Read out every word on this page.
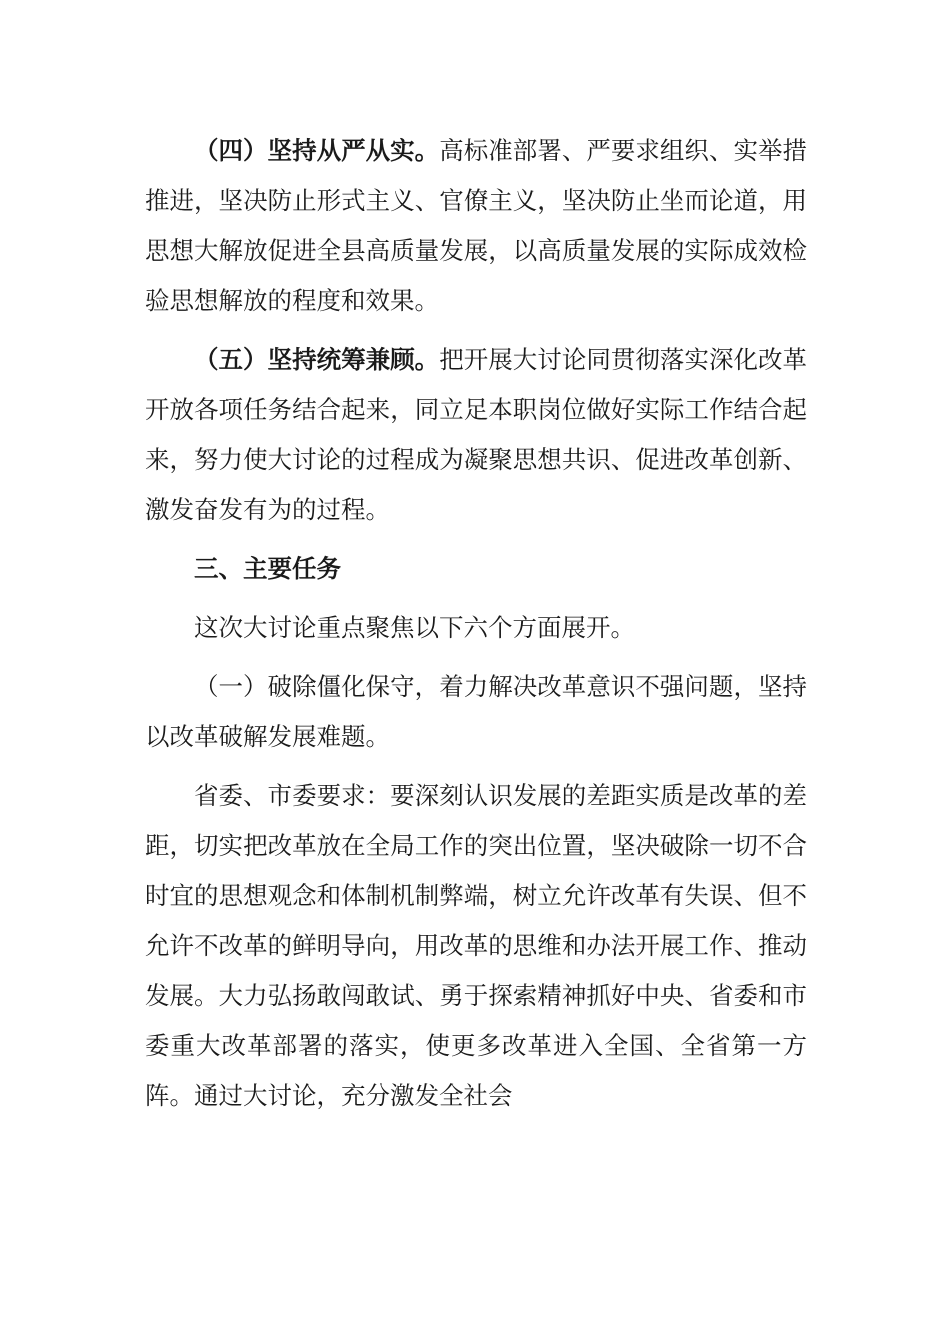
（四）坚持从严从实。高标准部署、严要求组织、实举措推进，坚决防止形式主义、官僚主义，坚决防止坐而论道，用思想大解放促进全县高质量发展，以高质量发展的实际成效检验思想解放的程度和效果。

（五）坚持统筹兼顾。把开展大讨论同贯彻落实深化改革开放各项任务结合起来，同立足本职岗位做好实际工作结合起来，努力使大讨论的过程成为凝聚思想共识、促进改革创新、激发奋发有为的过程。

三、主要任务

这次大讨论重点聚焦以下六个方面展开。

（一）破除僵化保守，着力解决改革意识不强问题，坚持以改革破解发展难题。

省委、市委要求：要深刻认识发展的差距实质是改革的差距，切实把改革放在全局工作的突出位置，坚决破除一切不合时宜的思想观念和体制机制弊端，树立允许改革有失误、但不允许不改革的鲜明导向，用改革的思维和办法开展工作、推动发展。大力弘扬敢闯敢试、勇于探索精神抓好中央、省委和市委重大改革部署的落实，使更多改革进入全国、全省第一方阵。通过大讨论，充分激发全社会
